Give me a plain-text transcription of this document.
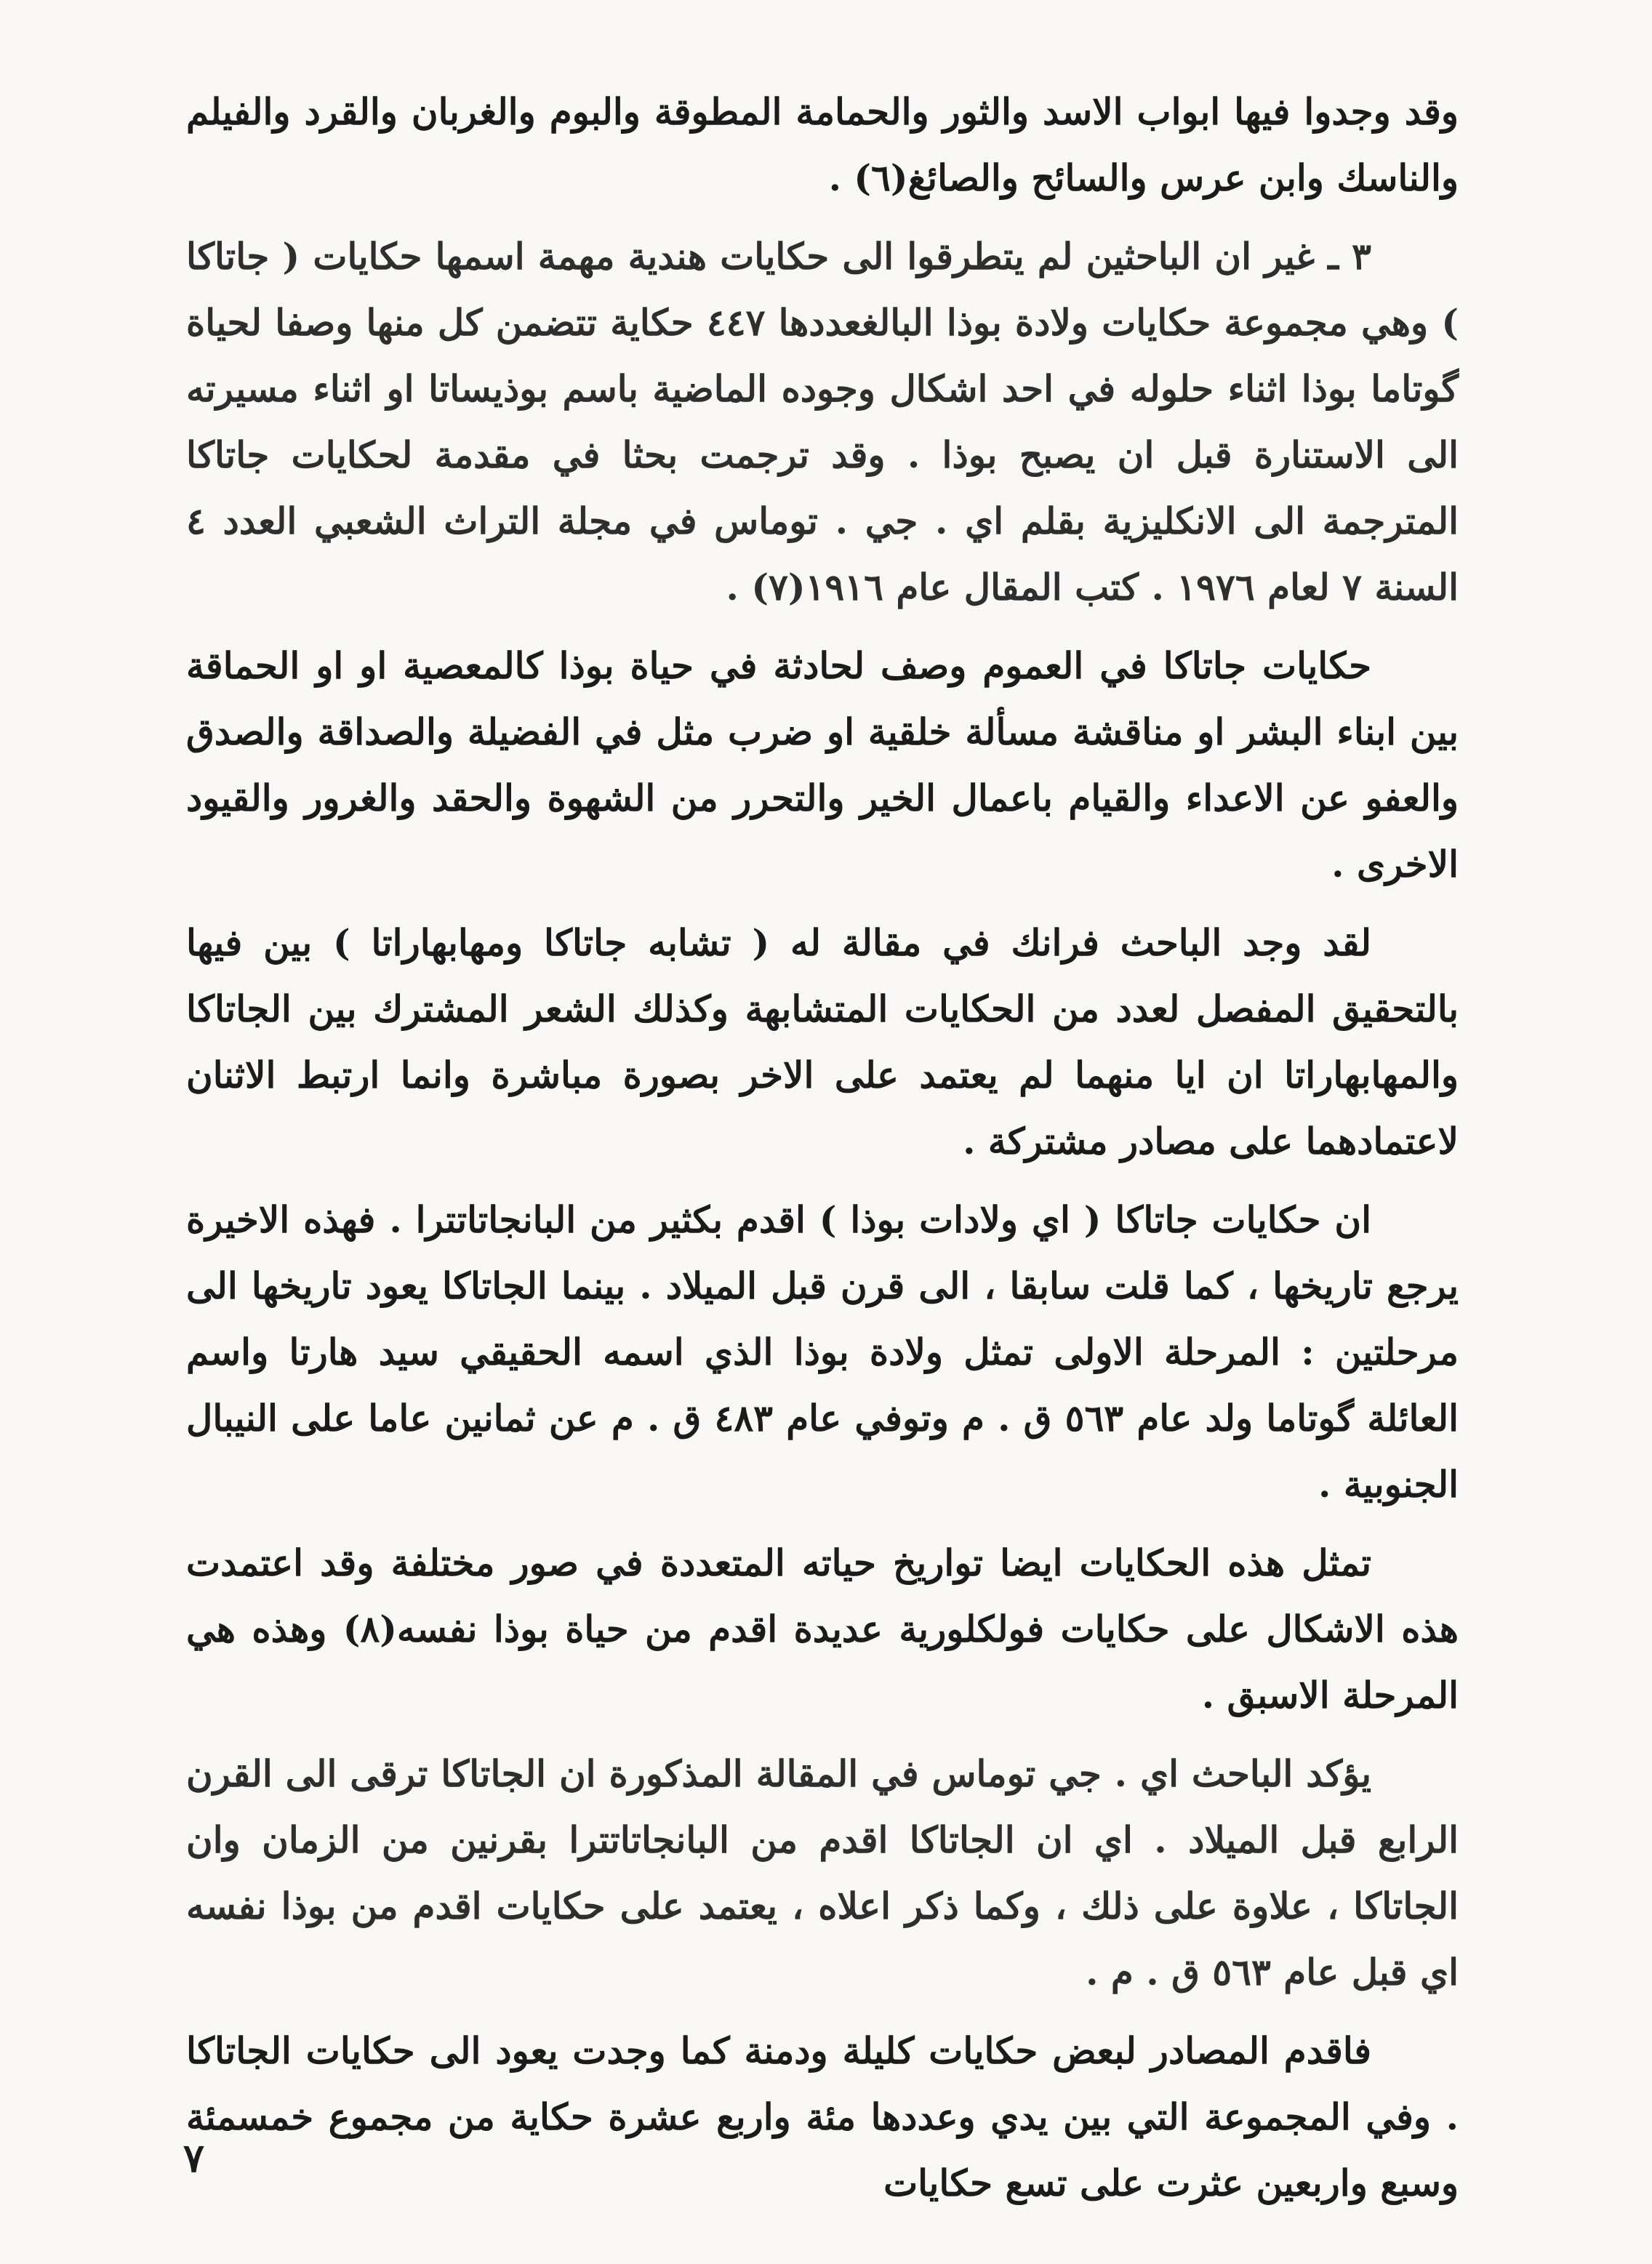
وقد وجدوا فيها ابواب الاسد والثور والحمامة المطوقة والبوم والغربان والقرد والفيلم والناسك وابن عرس والسائح والصائغ(٦) .

٣ ـ غير ان الباحثين لم يتطرقوا الى حكايات هندية مهمة اسمها حكايات ( جاتاكا ) وهي مجموعة حكايات ولادة بوذا البالغعددها ٤٤٧ حكاية تتضمن كل منها وصفا لحياة گوتاما بوذا اثناء حلوله في احد اشكال وجوده الماضية باسم بوذيساتا او اثناء مسيرته الى الاستنارة قبل ان يصبح بوذا . وقد ترجمت بحثا في مقدمة لحكايات جاتاكا المترجمة الى الانكليزية بقلم اي . جي . توماس في مجلة التراث الشعبي العدد ٤ السنة ٧ لعام ١٩٧٦ . كتب المقال عام ١٩١٦(٧) .

حكايات جاتاكا في العموم وصف لحادثة في حياة بوذا كالمعصية او او الحماقة بين ابناء البشر او مناقشة مسألة خلقية او ضرب مثل في الفضيلة والصداقة والصدق والعفو عن الاعداء والقيام باعمال الخير والتحرر من الشهوة والحقد والغرور والقيود الاخرى .

لقد وجد الباحث فرانك في مقالة له ( تشابه جاتاكا ومهابهاراتا ) بين فيها بالتحقيق المفصل لعدد من الحكايات المتشابهة وكذلك الشعر المشترك بين الجاتاكا والمهابهاراتا ان ايا منهما لم يعتمد على الاخر بصورة مباشرة وانما ارتبط الاثنان لاعتمادهما على مصادر مشتركة .

ان حكايات جاتاكا ( اي ولادات بوذا ) اقدم بكثير من البانجاتاتترا . فهذه الاخيرة يرجع تاريخها ، كما قلت سابقا ، الى قرن قبل الميلاد . بينما الجاتاكا يعود تاريخها الى مرحلتين : المرحلة الاولى تمثل ولادة بوذا الذي اسمه الحقيقي سيد هارتا واسم العائلة گوتاما ولد عام ٥٦٣ ق . م وتوفي عام ٤٨٣ ق . م عن ثمانين عاما على النيبال الجنوبية .

تمثل هذه الحكايات ايضا تواريخ حياته المتعددة في صور مختلفة وقد اعتمدت هذه الاشكال على حكايات فولكلورية عديدة اقدم من حياة بوذا نفسه(٨) وهذه هي المرحلة الاسبق .

يؤكد الباحث اي . جي توماس في المقالة المذكورة ان الجاتاكا ترقى الى القرن الرابع قبل الميلاد . اي ان الجاتاكا اقدم من البانجاتاتترا بقرنين من الزمان وان الجاتاكا ، علاوة على ذلك ، وكما ذكر اعلاه ، يعتمد على حكايات اقدم من بوذا نفسه اي قبل عام ٥٦٣ ق . م .

فاقدم المصادر لبعض حكايات كليلة ودمنة كما وجدت يعود الى حكايات الجاتاكا . وفي المجموعة التي بين يدي وعددها مئة واربع عشرة حكاية من مجموع خمسمئة وسبع واربعين عثرت على تسع حكايات

٧
